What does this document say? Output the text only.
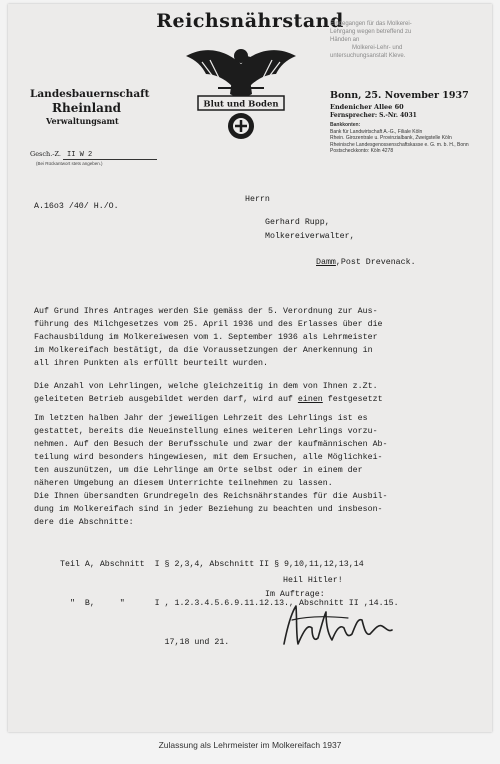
Reichsnährstand
Eingegangen für das Molkerei-
Lehrgang wegen betreffend zu
Händen an
Molkerei-Lehr- und
untersuchungsanstalt Kleve.
Blut und Boden
Landesbauernschaft
Rheinland
Verwaltungsamt
Gesch.-Z. II W 2
(Bei Rückantwort stets angeben.)
Bonn, 25. November 1937
Endenicher Allee 60
Fernsprecher: S.-Nr. 4031
Bankkonten:
Bank für Landwirtschaft A.-G., Filiale Köln
Rhein. Girozentrale u. Provinzialbank, Zweigstelle Köln
Rheinische Landesgenossenschaftskasse e. G. m. b. H., Bonn
Postscheckkonto: Köln 4278
A.16o3 /40/ H./O.
Herrn
Gerhard Rupp,
Molkereiverwalter,
Damm,Post Drevenack.
Auf Grund Ihres Antrages werden Sie gemäss der 5. Verordnung zur Aus-
führung des Milchgesetzes vom 25. April 1936 und des Erlasses über die
Fachausbildung im Molkereiwesen vom 1. September 1936 als Lehrmeister
im Molkereifach bestätigt, da die Voraussetzungen der Anerkennung in
all ihren Punkten als erfüllt beurteilt wurden.
Die Anzahl von Lehrlingen, welche gleichzeitig in dem von Ihnen z.Zt.
geleiteten Betrieb ausgebildet werden darf, wird auf einen festgesetzt
Im letzten halben Jahr der jeweiligen Lehrzeit des Lehrlings ist es
gestattet, bereits die Neueinstellung eines weiteren Lehrlings vorzu-
nehmen. Auf den Besuch der Berufsschule und zwar der kaufmännischen Ab-
teilung wird besonders hingewiesen, mit dem Ersuchen, alle Möglichkei-
ten auszunützen, um die Lehrlinge am Orte selbst oder in einem der
näheren Umgebung an diesem Unterrichte teilnehmen zu lassen.
Die Ihnen übersandten Grundregeln des Reichsnährstandes für die Ausbil-
dung im Molkereifach sind in jeder Beziehung zu beachten und insbeson-
dere die Abschnitte:

Teil A, Abschnitt  I § 2,3,4, Abschnitt II § 9,10,11,12,13,14

"  B,     "      I , 1.2.3.4.5.6.9.11.12.13., Abschnitt II ,14.15.

17,18 und 21.

Heil Hitler!
Im Auftrage:
Zulassung als Lehrmeister im Molkereifach 1937
